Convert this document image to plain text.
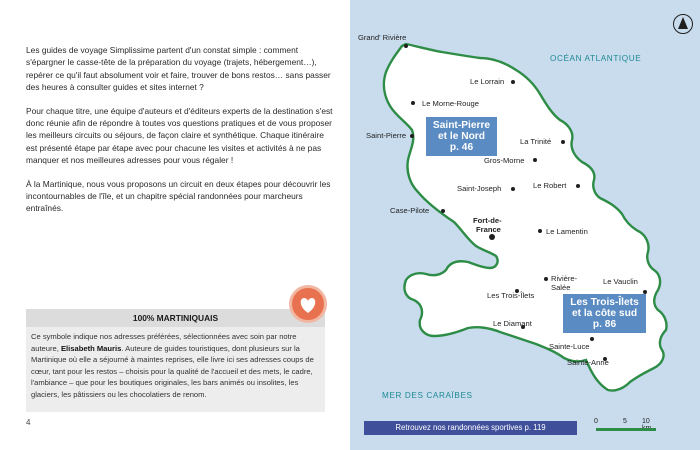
Les guides de voyage Simplissime partent d'un constat simple : comment s'épargner le casse-tête de la préparation du voyage (trajets, hébergement…), repérer ce qu'il faut absolument voir et faire, trouver de bons restos… sans passer des heures à consulter guides et sites internet ?

Pour chaque titre, une équipe d'auteurs et d'éditeurs experts de la destination s'est donc réunie afin de répondre à toutes vos questions pratiques et de vous proposer les meilleurs circuits ou séjours, de façon claire et synthétique. Chaque itinéraire est présenté étape par étape avec pour chacune les visites et activités à ne pas manquer et nos meilleures adresses pour vous régaler !

À la Martinique, nous vous proposons un circuit en deux étapes pour découvrir les incontournables de l'île, et un chapitre spécial randonnées pour marcheurs entraînés.

100% MARTINIQUAIS
Ce symbole indique nos adresses préférées, sélectionnées avec soin par notre auteure, Elisabeth Mauris. Auteure de guides touristiques, dont plusieurs sur la Martinique où elle a séjourné à maintes reprises, elle livre ici ses adresses coups de cœur, tant pour les restos – choisis pour la qualité de l'accueil et des mets, le cadre, l'ambiance – que pour les boutiques originales, les bars animés ou insolites, les glaciers, les pâtissiers ou les chocolatiers de renom.
4
OCÉAN ATLANTIQUE
MER DES CARAÏBES
Grand' Rivière
Le Lorrain
Le Morne-Rouge
Saint-Pierre
La Trinité
Gros-Morne
Saint-Joseph	Le Robert
Case-Pilote
Fort-de-
France	Le Lamentin
Rivière-
Salée
Les Trois-Îlets
Le Vauclin
Le Diamant
Sainte-Luce
Sainte-Anne
Saint-Pierre
et le Nord
p. 46
Les Trois-Îlets
et la côte sud
p. 86
Retrouvez nos randonnées sportives p. 119
0	5 10
